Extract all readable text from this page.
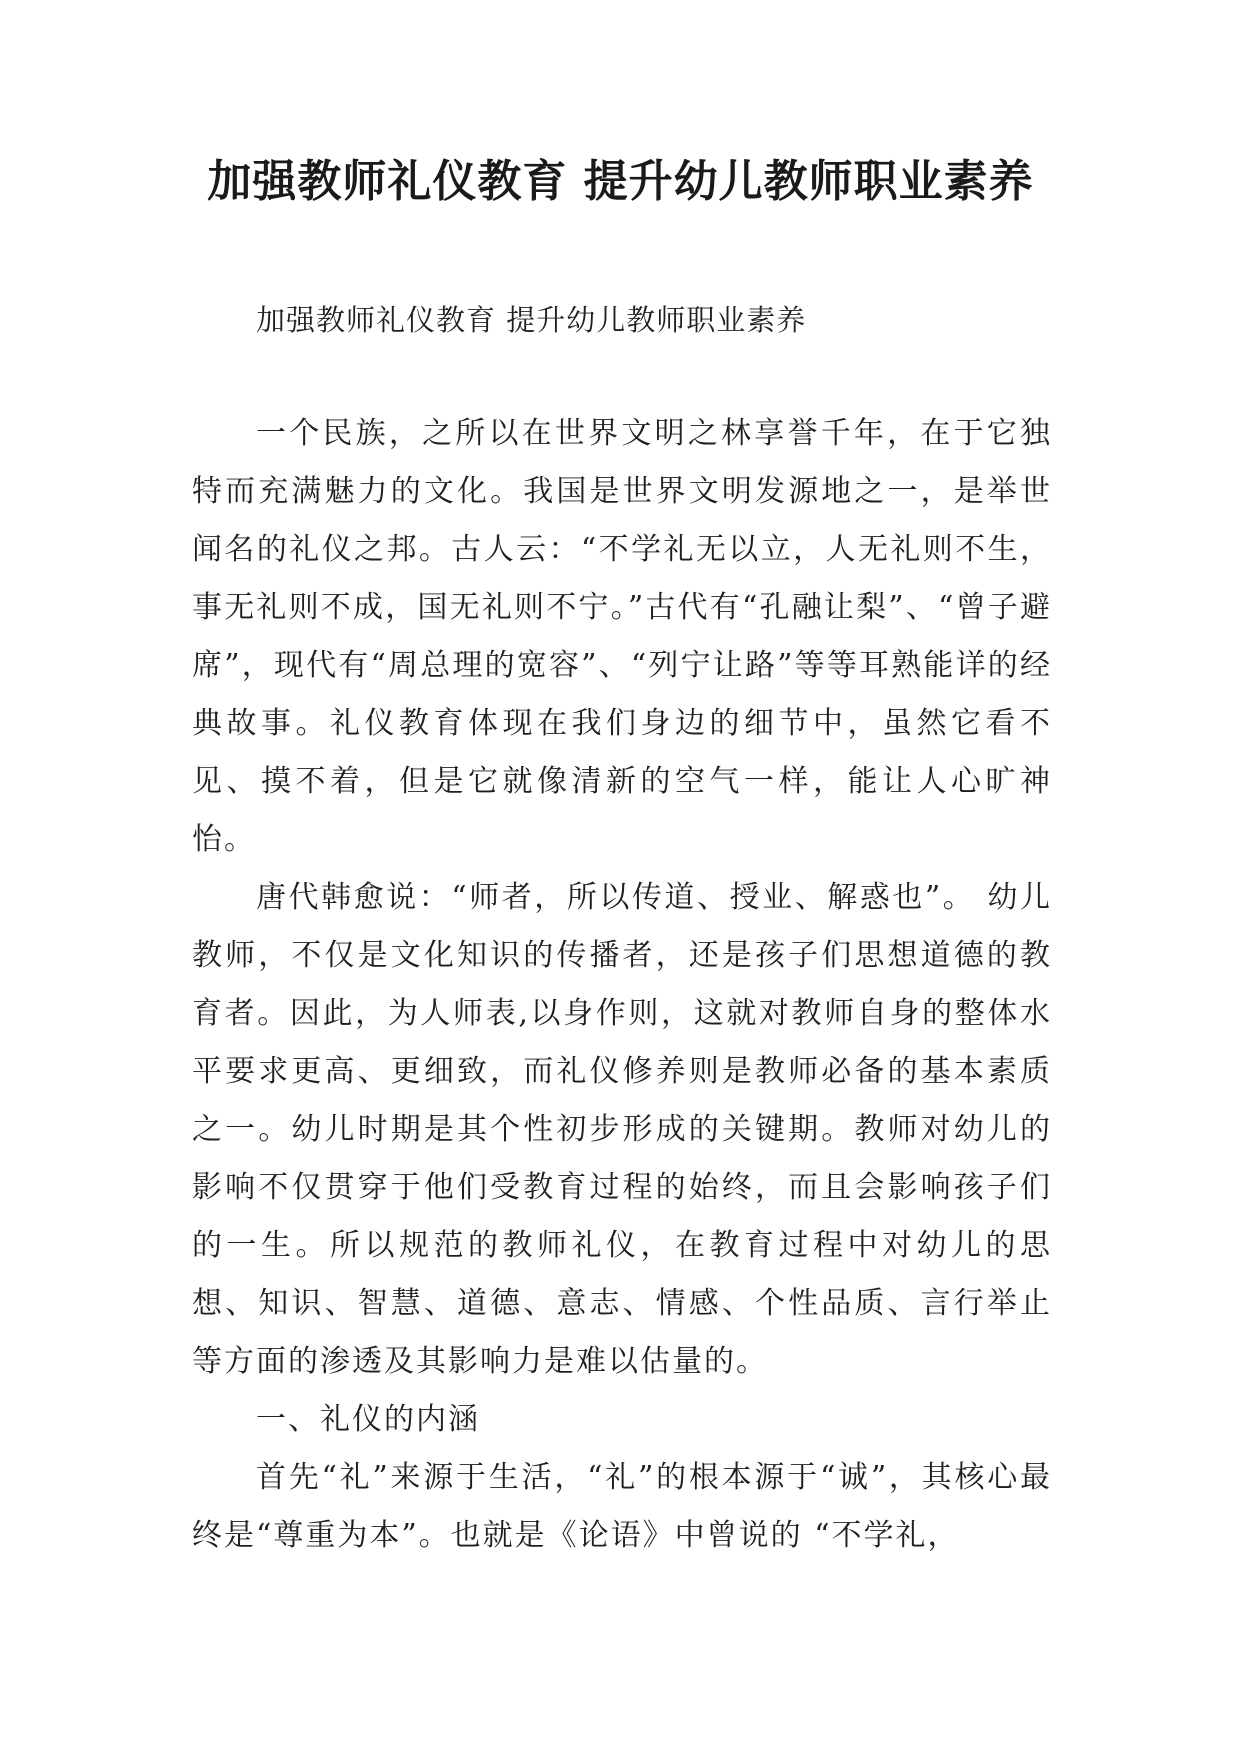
加强教师礼仪教育 提升幼儿教师职业素养

加强教师礼仪教育 提升幼儿教师职业素养

一个民族，之所以在世界文明之林享誉千年，在于它独特而充满魅力的文化。我国是世界文明发源地之一，是举世闻名的礼仪之邦。古人云：“不学礼无以立，人无礼则不生，事无礼则不成，国无礼则不宁。”古代有“孔融让梨”、“曾子避席”，现代有“周总理的宽容”、“列宁让路”等等耳熟能详的经典故事。礼仪教育体现在我们身边的细节中，虽然它看不见、摸不着，但是它就像清新的空气一样，能让人心旷神怡。

唐代韩愈说：“师者，所以传道、授业、解惑也”。 幼儿教师，不仅是文化知识的传播者，还是孩子们思想道德的教育者。因此，为人师表,以身作则，这就对教师自身的整体水平要求更高、更细致，而礼仪修养则是教师必备的基本素质之一。幼儿时期是其个性初步形成的关键期。教师对幼儿的影响不仅贯穿于他们受教育过程的始终，而且会影响孩子们的一生。所以规范的教师礼仪，在教育过程中对幼儿的思想、知识、智慧、道德、意志、情感、个性品质、言行举止等方面的渗透及其影响力是难以估量的。

一、礼仪的内涵

首先“礼”来源于生活，“礼”的根本源于“诚”，其核心最终是“尊重为本”。也就是《论语》中曾说的 “不学礼，
